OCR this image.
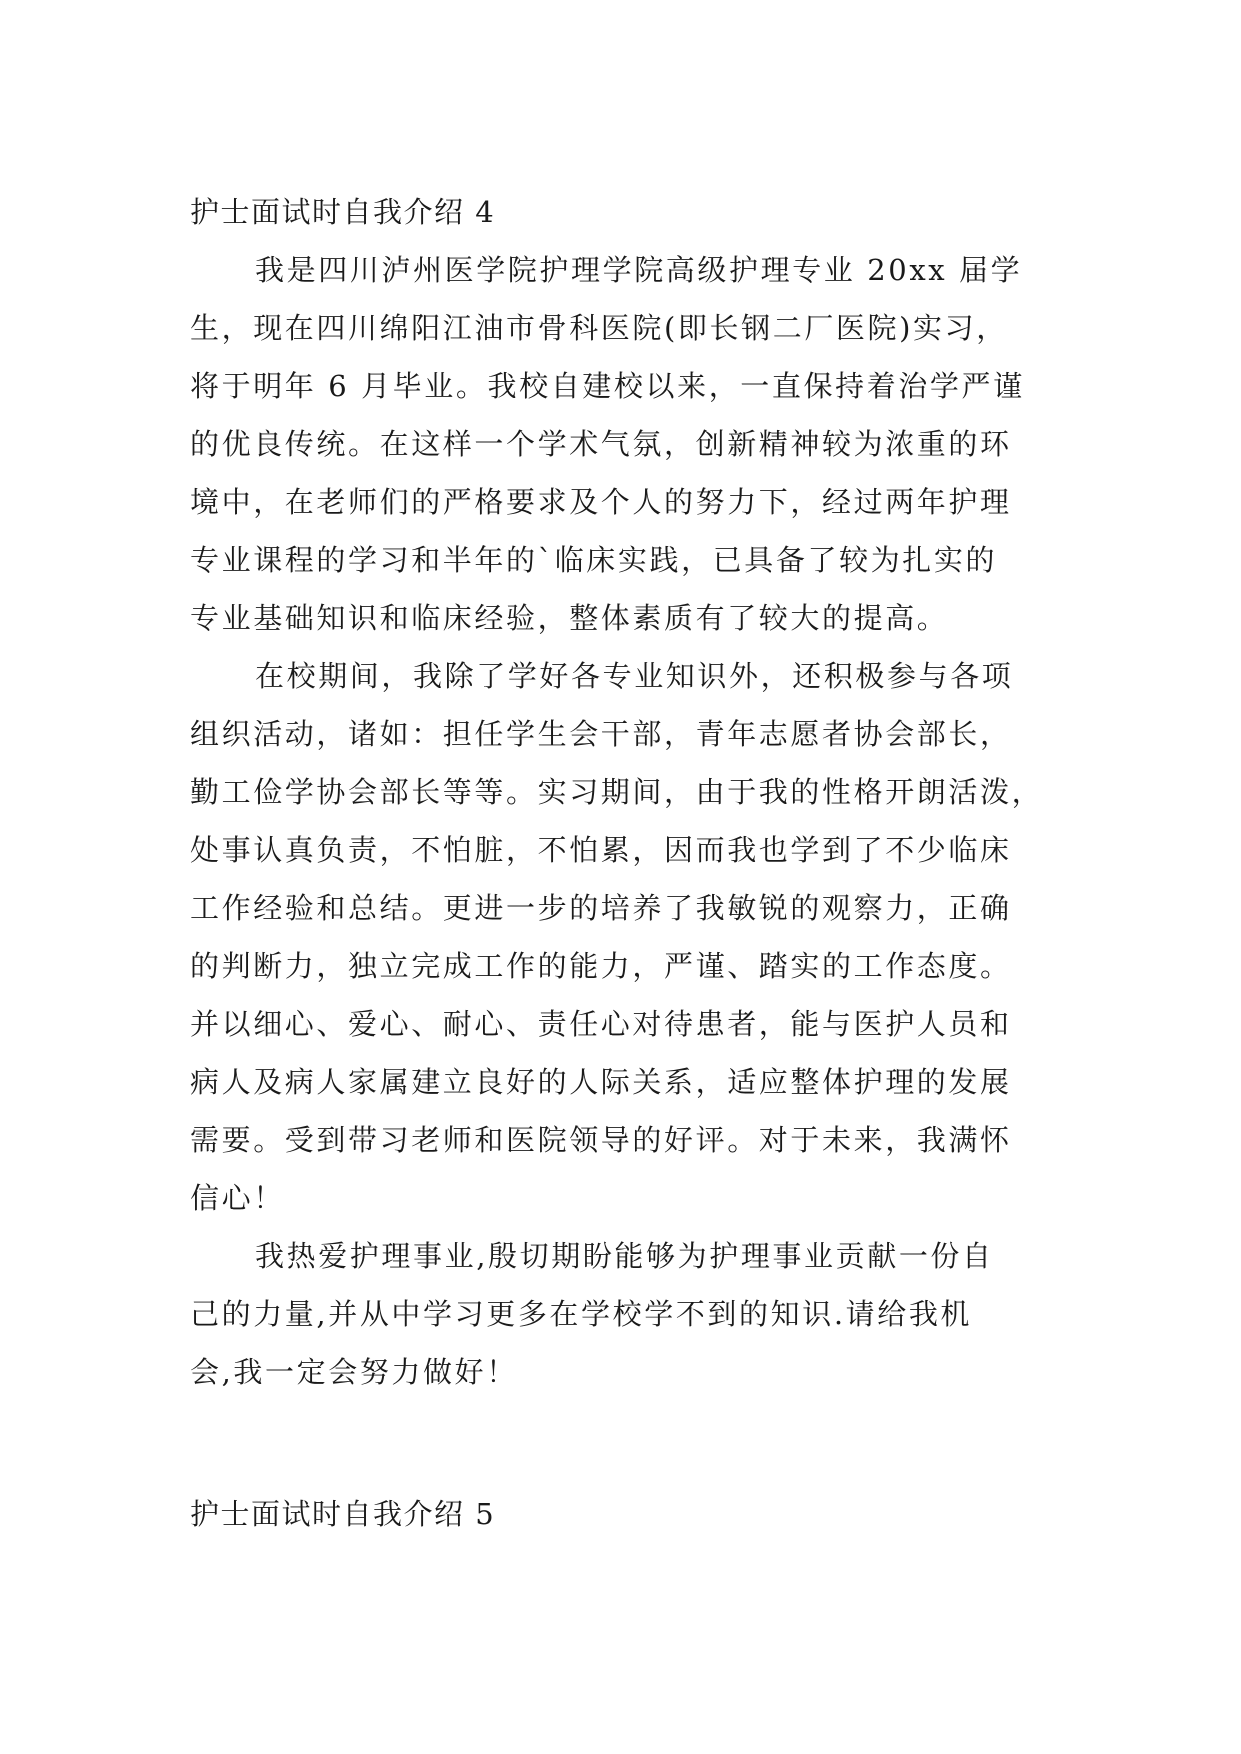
护士面试时自我介绍 4
我是四川泸州医学院护理学院高级护理专业 20xx 届学
生，现在四川绵阳江油市骨科医院(即长钢二厂医院)实习，
将于明年 6 月毕业。我校自建校以来，一直保持着治学严谨
的优良传统。在这样一个学术气氛，创新精神较为浓重的环
境中，在老师们的严格要求及个人的努力下，经过两年护理
专业课程的学习和半年的`临床实践，已具备了较为扎实的
专业基础知识和临床经验，整体素质有了较大的提高。
在校期间，我除了学好各专业知识外，还积极参与各项
组织活动，诸如：担任学生会干部，青年志愿者协会部长，
勤工俭学协会部长等等。实习期间，由于我的性格开朗活泼，
处事认真负责，不怕脏，不怕累，因而我也学到了不少临床
工作经验和总结。更进一步的培养了我敏锐的观察力，正确
的判断力，独立完成工作的能力，严谨、踏实的工作态度。
并以细心、爱心、耐心、责任心对待患者，能与医护人员和
病人及病人家属建立良好的人际关系，适应整体护理的发展
需要。受到带习老师和医院领导的好评。对于未来，我满怀
信心！
我热爱护理事业,殷切期盼能够为护理事业贡献一份自
己的力量,并从中学习更多在学校学不到的知识.请给我机
会,我一定会努力做好！
护士面试时自我介绍 5
